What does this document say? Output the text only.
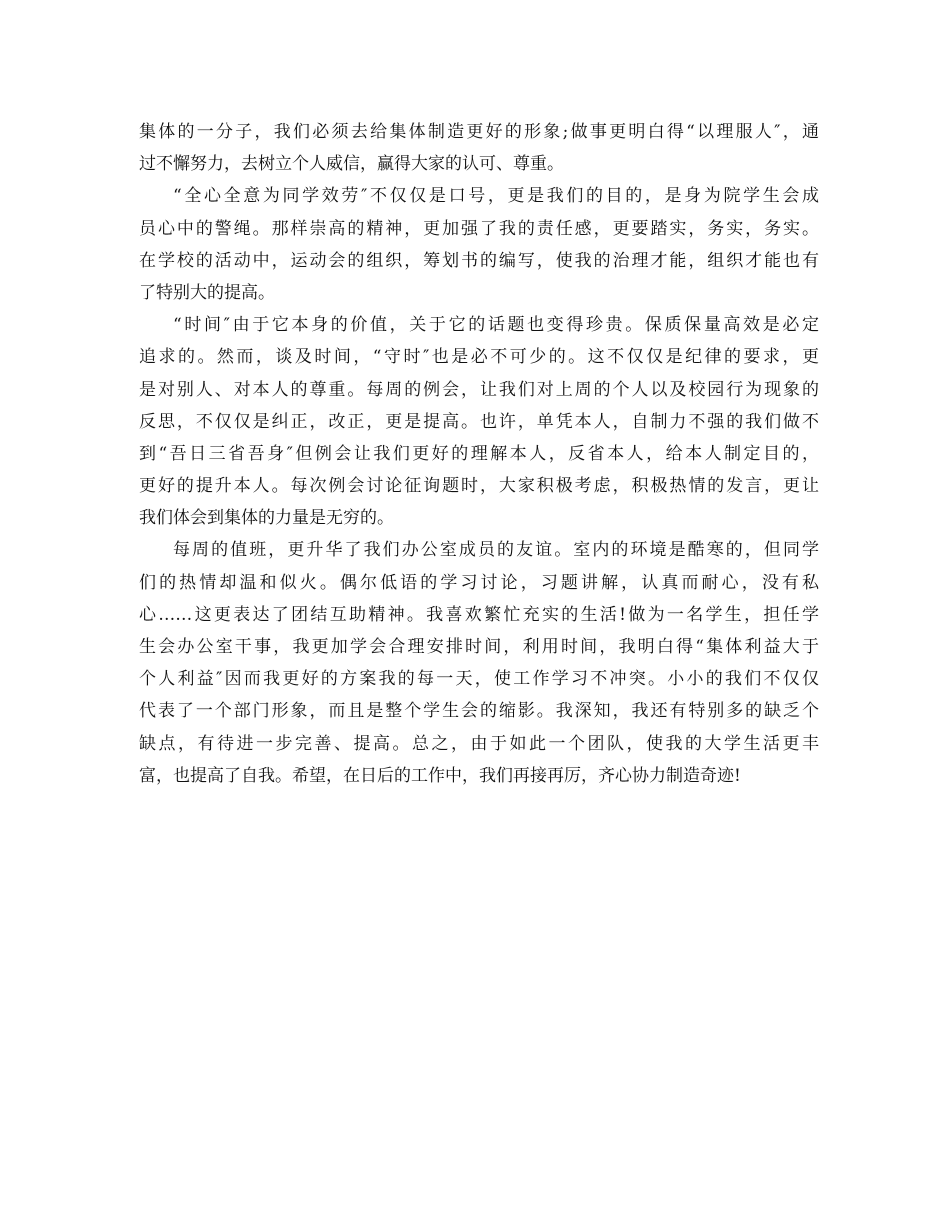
集体的一分子，我们必须去给集体制造更好的形象;做事更明白得“以理服人″，通
过不懈努力，去树立个人威信，赢得大家的认可、尊重。
“全心全意为同学效劳″不仅仅是口号，更是我们的目的，是身为院学生会成
员心中的警绳。那样崇高的精神，更加强了我的责任感，更要踏实，务实，务实。
在学校的活动中，运动会的组织，筹划书的编写，使我的治理才能，组织才能也有
了特别大的提高。
“时间″由于它本身的价值，关于它的话题也变得珍贵。保质保量高效是必定
追求的。然而，谈及时间，“守时″也是必不可少的。这不仅仅是纪律的要求，更
是对别人、对本人的尊重。每周的例会，让我们对上周的个人以及校园行为现象的
反思，不仅仅是纠正，改正，更是提高。也许，单凭本人，自制力不强的我们做不
到“吾日三省吾身″但例会让我们更好的理解本人，反省本人，给本人制定目的，
更好的提升本人。每次例会讨论征询题时，大家积极考虑，积极热情的发言，更让
我们体会到集体的力量是无穷的。
每周的值班，更升华了我们办公室成员的友谊。室内的环境是酷寒的，但同学
们的热情却温和似火。偶尔低语的学习讨论，习题讲解，认真而耐心，没有私
心……这更表达了团结互助精神。我喜欢繁忙充实的生活!做为一名学生，担任学
生会办公室干事，我更加学会合理安排时间，利用时间，我明白得“集体利益大于
个人利益″因而我更好的方案我的每一天，使工作学习不冲突。小小的我们不仅仅
代表了一个部门形象，而且是整个学生会的缩影。我深知，我还有特别多的缺乏个
缺点，有待进一步完善、提高。总之，由于如此一个团队，使我的大学生活更丰
富，也提高了自我。希望，在日后的工作中，我们再接再厉，齐心协力制造奇迹!
